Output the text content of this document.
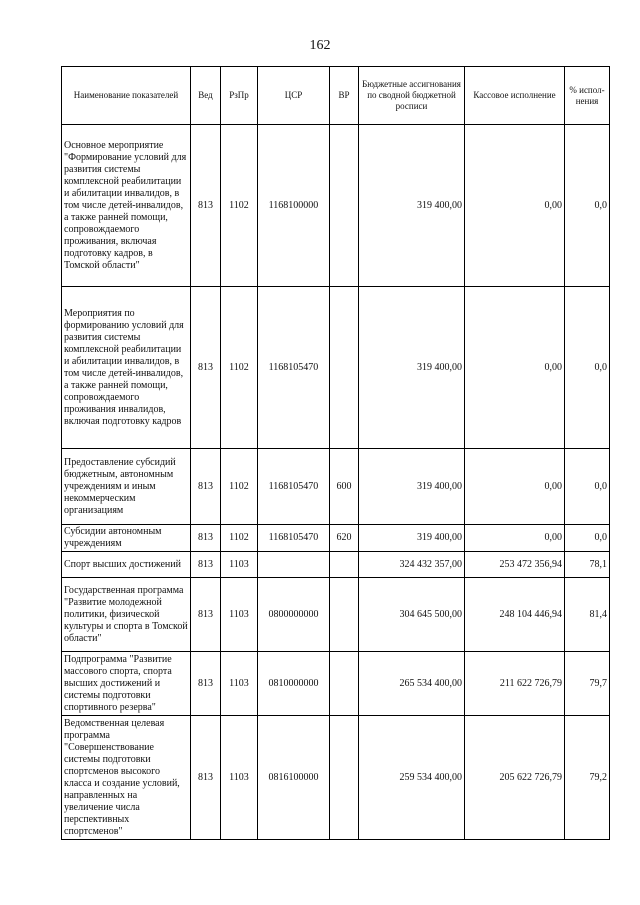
162
Наименование показателей	Вед	РзПр	ЦСР	ВР	Бюджетные ассигнования по сводной бюджетной росписи	Кассовое исполнение	% испол-нения
Основное мероприятие "Формирование условий для развития системы комплексной реабилитации и абилитации инвалидов, в том числе детей-инвалидов, а также ранней помощи, сопровождаемого проживания, включая подготовку кадров, в Томской области"	813	1102	1168100000		319 400,00	0,00	0,0
Мероприятия по формированию условий для развития системы комплексной реабилитации и абилитации инвалидов, в том числе детей-инвалидов, а также ранней помощи, сопровождаемого проживания инвалидов, включая подготовку кадров	813	1102	1168105470		319 400,00	0,00	0,0
Предоставление субсидий бюджетным, автономным учреждениям и иным некоммерческим организациям	813	1102	1168105470	600	319 400,00	0,00	0,0
Субсидии автономным учреждениям	813	1102	1168105470	620	319 400,00	0,00	0,0
Спорт высших достижений	813	1103			324 432 357,00	253 472 356,94	78,1
Государственная программа "Развитие молодежной политики, физической культуры и спорта в Томской области"	813	1103	0800000000		304 645 500,00	248 104 446,94	81,4
Подпрограмма "Развитие массового спорта, спорта высших достижений и системы подготовки спортивного резерва"	813	1103	0810000000		265 534 400,00	211 622 726,79	79,7
Ведомственная целевая программа "Совершенствование системы подготовки спортсменов высокого класса и создание условий, направленных на увеличение числа перспективных спортсменов"	813	1103	0816100000		259 534 400,00	205 622 726,79	79,2
